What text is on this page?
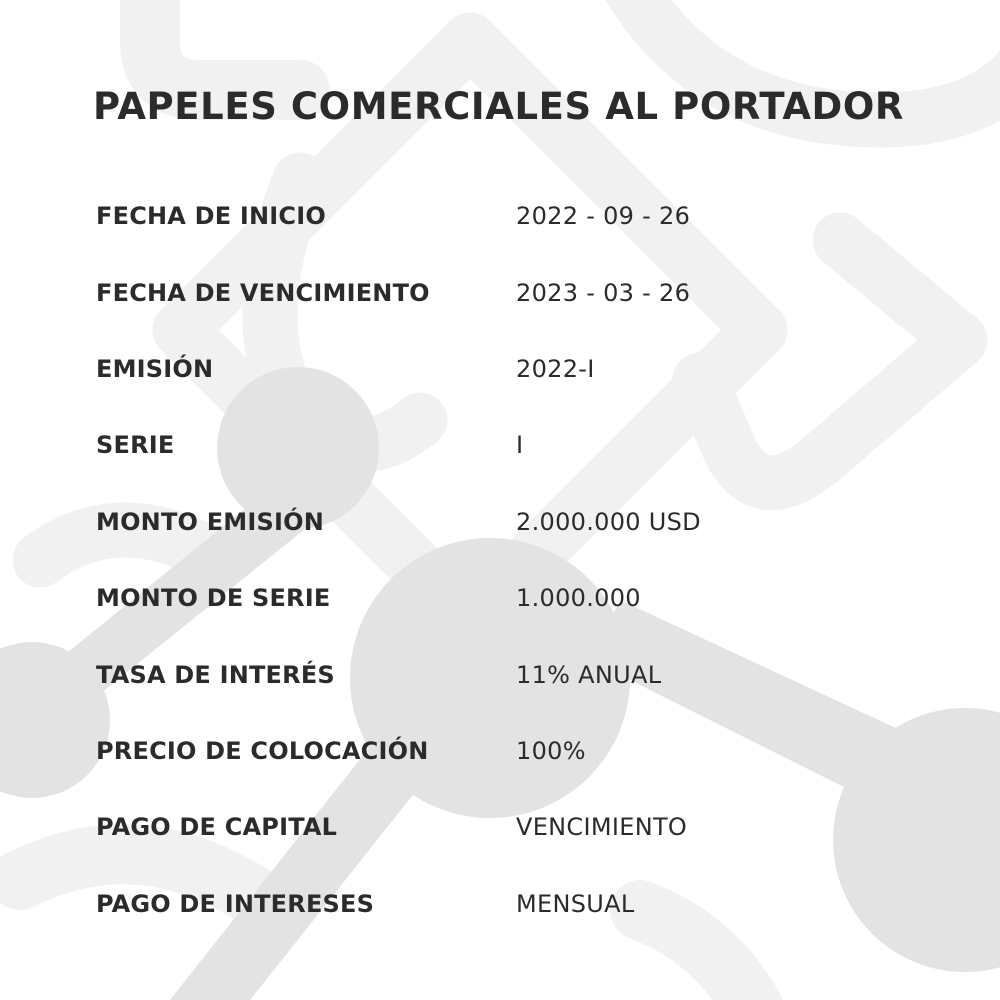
PAPELES COMERCIALES AL PORTADOR
FECHA DE INICIO	2022 - 09 - 26
FECHA DE VENCIMIENTO	2023 - 03 - 26
EMISIÓN	2022-I
SERIE	I
MONTO EMISIÓN	2.000.000 USD
MONTO DE SERIE	1.000.000
TASA DE INTERÉS	11% ANUAL
PRECIO DE COLOCACIÓN	100%
PAGO DE CAPITAL	VENCIMIENTO
PAGO DE INTERESES	MENSUAL
